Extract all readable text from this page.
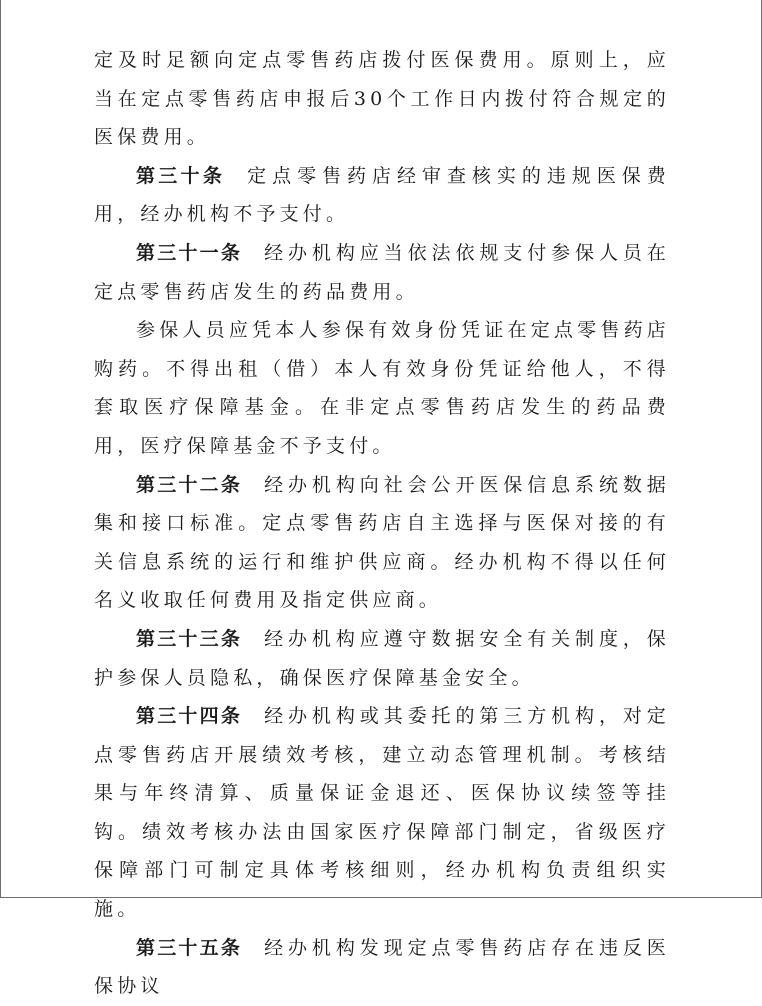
定及时足额向定点零售药店拨付医保费用。原则上，应当在定点零售药店申报后30个工作日内拨付符合规定的医保费用。

第三十条 定点零售药店经审查核实的违规医保费用，经办机构不予支付。

第三十一条 经办机构应当依法依规支付参保人员在定点零售药店发生的药品费用。

参保人员应凭本人参保有效身份凭证在定点零售药店购药。不得出租（借）本人有效身份凭证给他人，不得套取医疗保障基金。在非定点零售药店发生的药品费用，医疗保障基金不予支付。

第三十二条 经办机构向社会公开医保信息系统数据集和接口标准。定点零售药店自主选择与医保对接的有关信息系统的运行和维护供应商。经办机构不得以任何名义收取任何费用及指定供应商。

第三十三条 经办机构应遵守数据安全有关制度，保护参保人员隐私，确保医疗保障基金安全。

第三十四条 经办机构或其委托的第三方机构，对定点零售药店开展绩效考核，建立动态管理机制。考核结果与年终清算、质量保证金退还、医保协议续签等挂钩。绩效考核办法由国家医疗保障部门制定，省级医疗保障部门可制定具体考核细则，经办机构负责组织实施。

第三十五条 经办机构发现定点零售药店存在违反医保协议
